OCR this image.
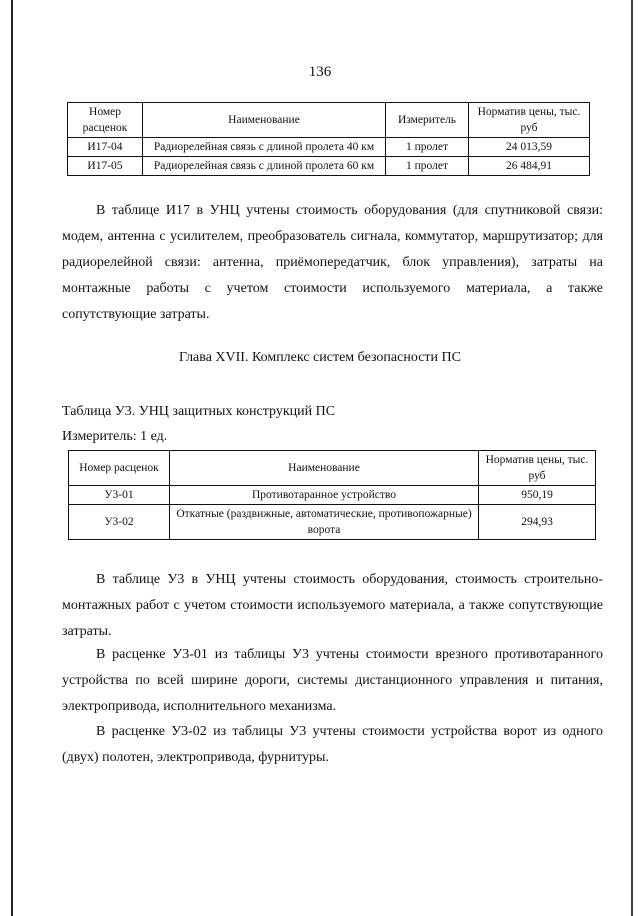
136
Номер расценок	Наименование	Измеритель	Норматив цены, тыс. руб
И17-04	Радиорелейная связь с длиной пролета 40 км	1 пролет	24 013,59
И17-05	Радиорелейная связь с длиной пролета 60 км	1 пролет	26 484,91

В таблице И17 в УНЦ учтены стоимость оборудования (для спутниковой связи: модем, антенна с усилителем, преобразователь сигнала, коммутатор, маршрутизатор; для радиорелейной связи: антенна, приёмопередатчик, блок управления), затраты на монтажные работы с учетом стоимости используемого материала, а также сопутствующие затраты.

Глава XVII. Комплекс систем безопасности ПС

Таблица У3. УНЦ защитных конструкций ПС

Измеритель: 1 ед.

Номер расценок	Наименование	Норматив цены, тыс. руб
У3-01	Противотаранное устройство	950,19
У3-02	Откатные (раздвижные, автоматические, противопожарные) ворота	294,93

В таблице У3 в УНЦ учтены стоимость оборудования, стоимость строительно-монтажных работ с учетом стоимости используемого материала, а также сопутствующие затраты.

В расценке У3-01 из таблицы У3 учтены стоимости врезного противотаранного устройства по всей ширине дороги, системы дистанционного управления и питания, электропривода, исполнительного механизма.

В расценке У3-02 из таблицы У3 учтены стоимости устройства ворот из одного (двух) полотен, электропривода, фурнитуры.
